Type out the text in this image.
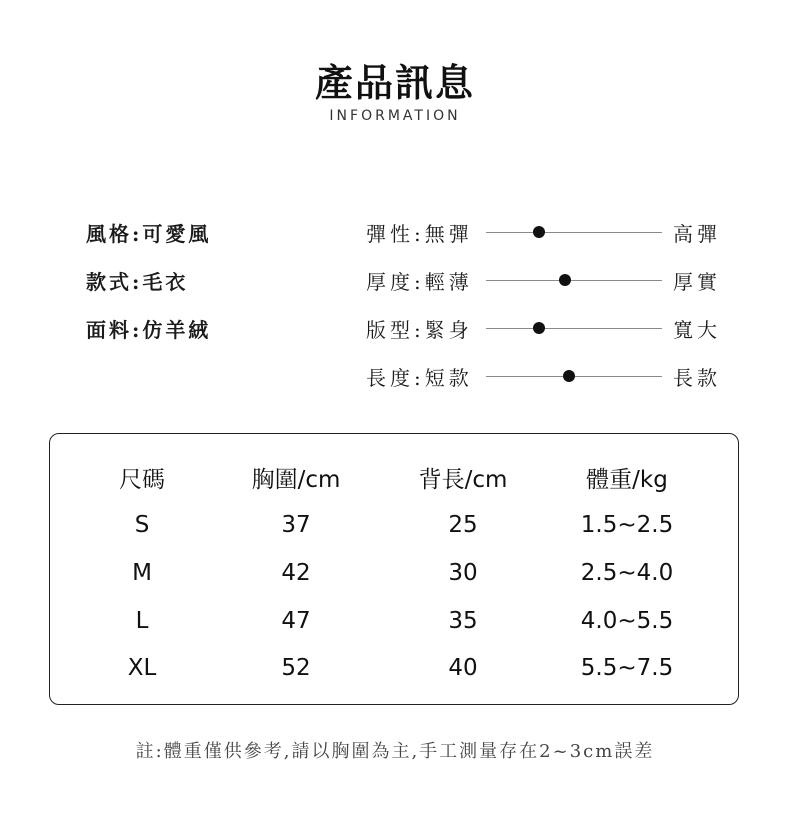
產品訊息
INFORMATION
風格:可愛風
款式:毛衣
面料:仿羊絨
彈性:無彈	高彈
厚度:輕薄	厚實
版型:緊身	寬大
長度:短款	長款
尺碼	胸圍/cm	背長/cm	體重/kg
S	37	25	1.5~2.5
M	42	30	2.5~4.0
L	47	35	4.0~5.5
XL	52	40	5.5~7.5
註:體重僅供參考,請以胸圍為主,手工測量存在2~3cm誤差
